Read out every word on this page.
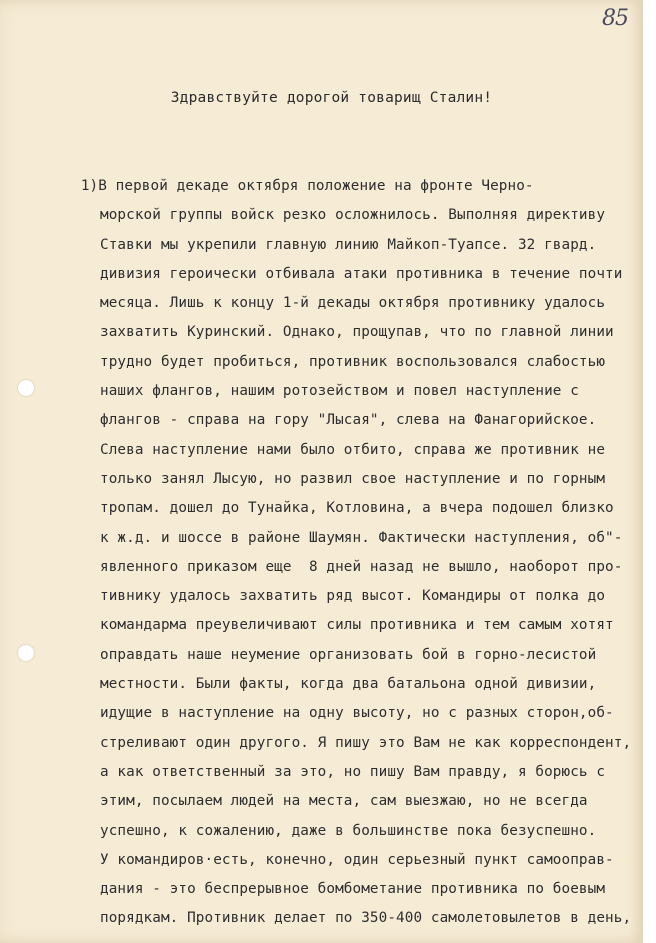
85
Здравствуйте дорогой товарищ Сталин!
1)В первой декаде октября положение на фронте Черно-
морской группы войск резко осложнилось. Выполняя директиву
Ставки мы укрепили главную линию Майкоп-Туапсе. 32 гвард.
дивизия героически отбивала атаки противника в течение почти
месяца. Лишь к концу 1-й декады октября противнику удалось
захватить Куринский. Однако, прощупав, что по главной линии
трудно будет пробиться, противник воспользовался слабостью
наших флангов, нашим ротозейством и повел наступление с
флангов - справа на гору "Лысая", слева на Фанагорийское.
Слева наступление нами было отбито, справа же противник не
только занял Лысую, но развил свое наступление и по горным
тропам. дошел до Тунайка, Котловина, а вчера подошел близко
к ж.д. и шоссе в районе Шаумян. Фактически наступления, об"-
явленного приказом еще  8 дней назад не вышло, наоборот про-
тивнику удалось захватить ряд высот. Командиры от полка до
командарма преувеличивают силы противника и тем самым хотят
оправдать наше неумение организовать бой в горно-лесистой
местности. Были факты, когда два батальона одной дивизии,
идущие в наступление на одну высоту, но с разных сторон,об-
стреливают один другого. Я пишу это Вам не как корреспондент,
а как ответственный за это, но пишу Вам правду, я борюсь с
этим, посылаем людей на места, сам выезжаю, но не всегда
успешно, к сожалению, даже в большинстве пока безуспешно.
У командиров·есть, конечно, один серьезный пункт самооправ-
дания - это беспрерывное бомбометание противника по боевым
порядкам. Противник делает по 350-400 самолетовылетов в день,
